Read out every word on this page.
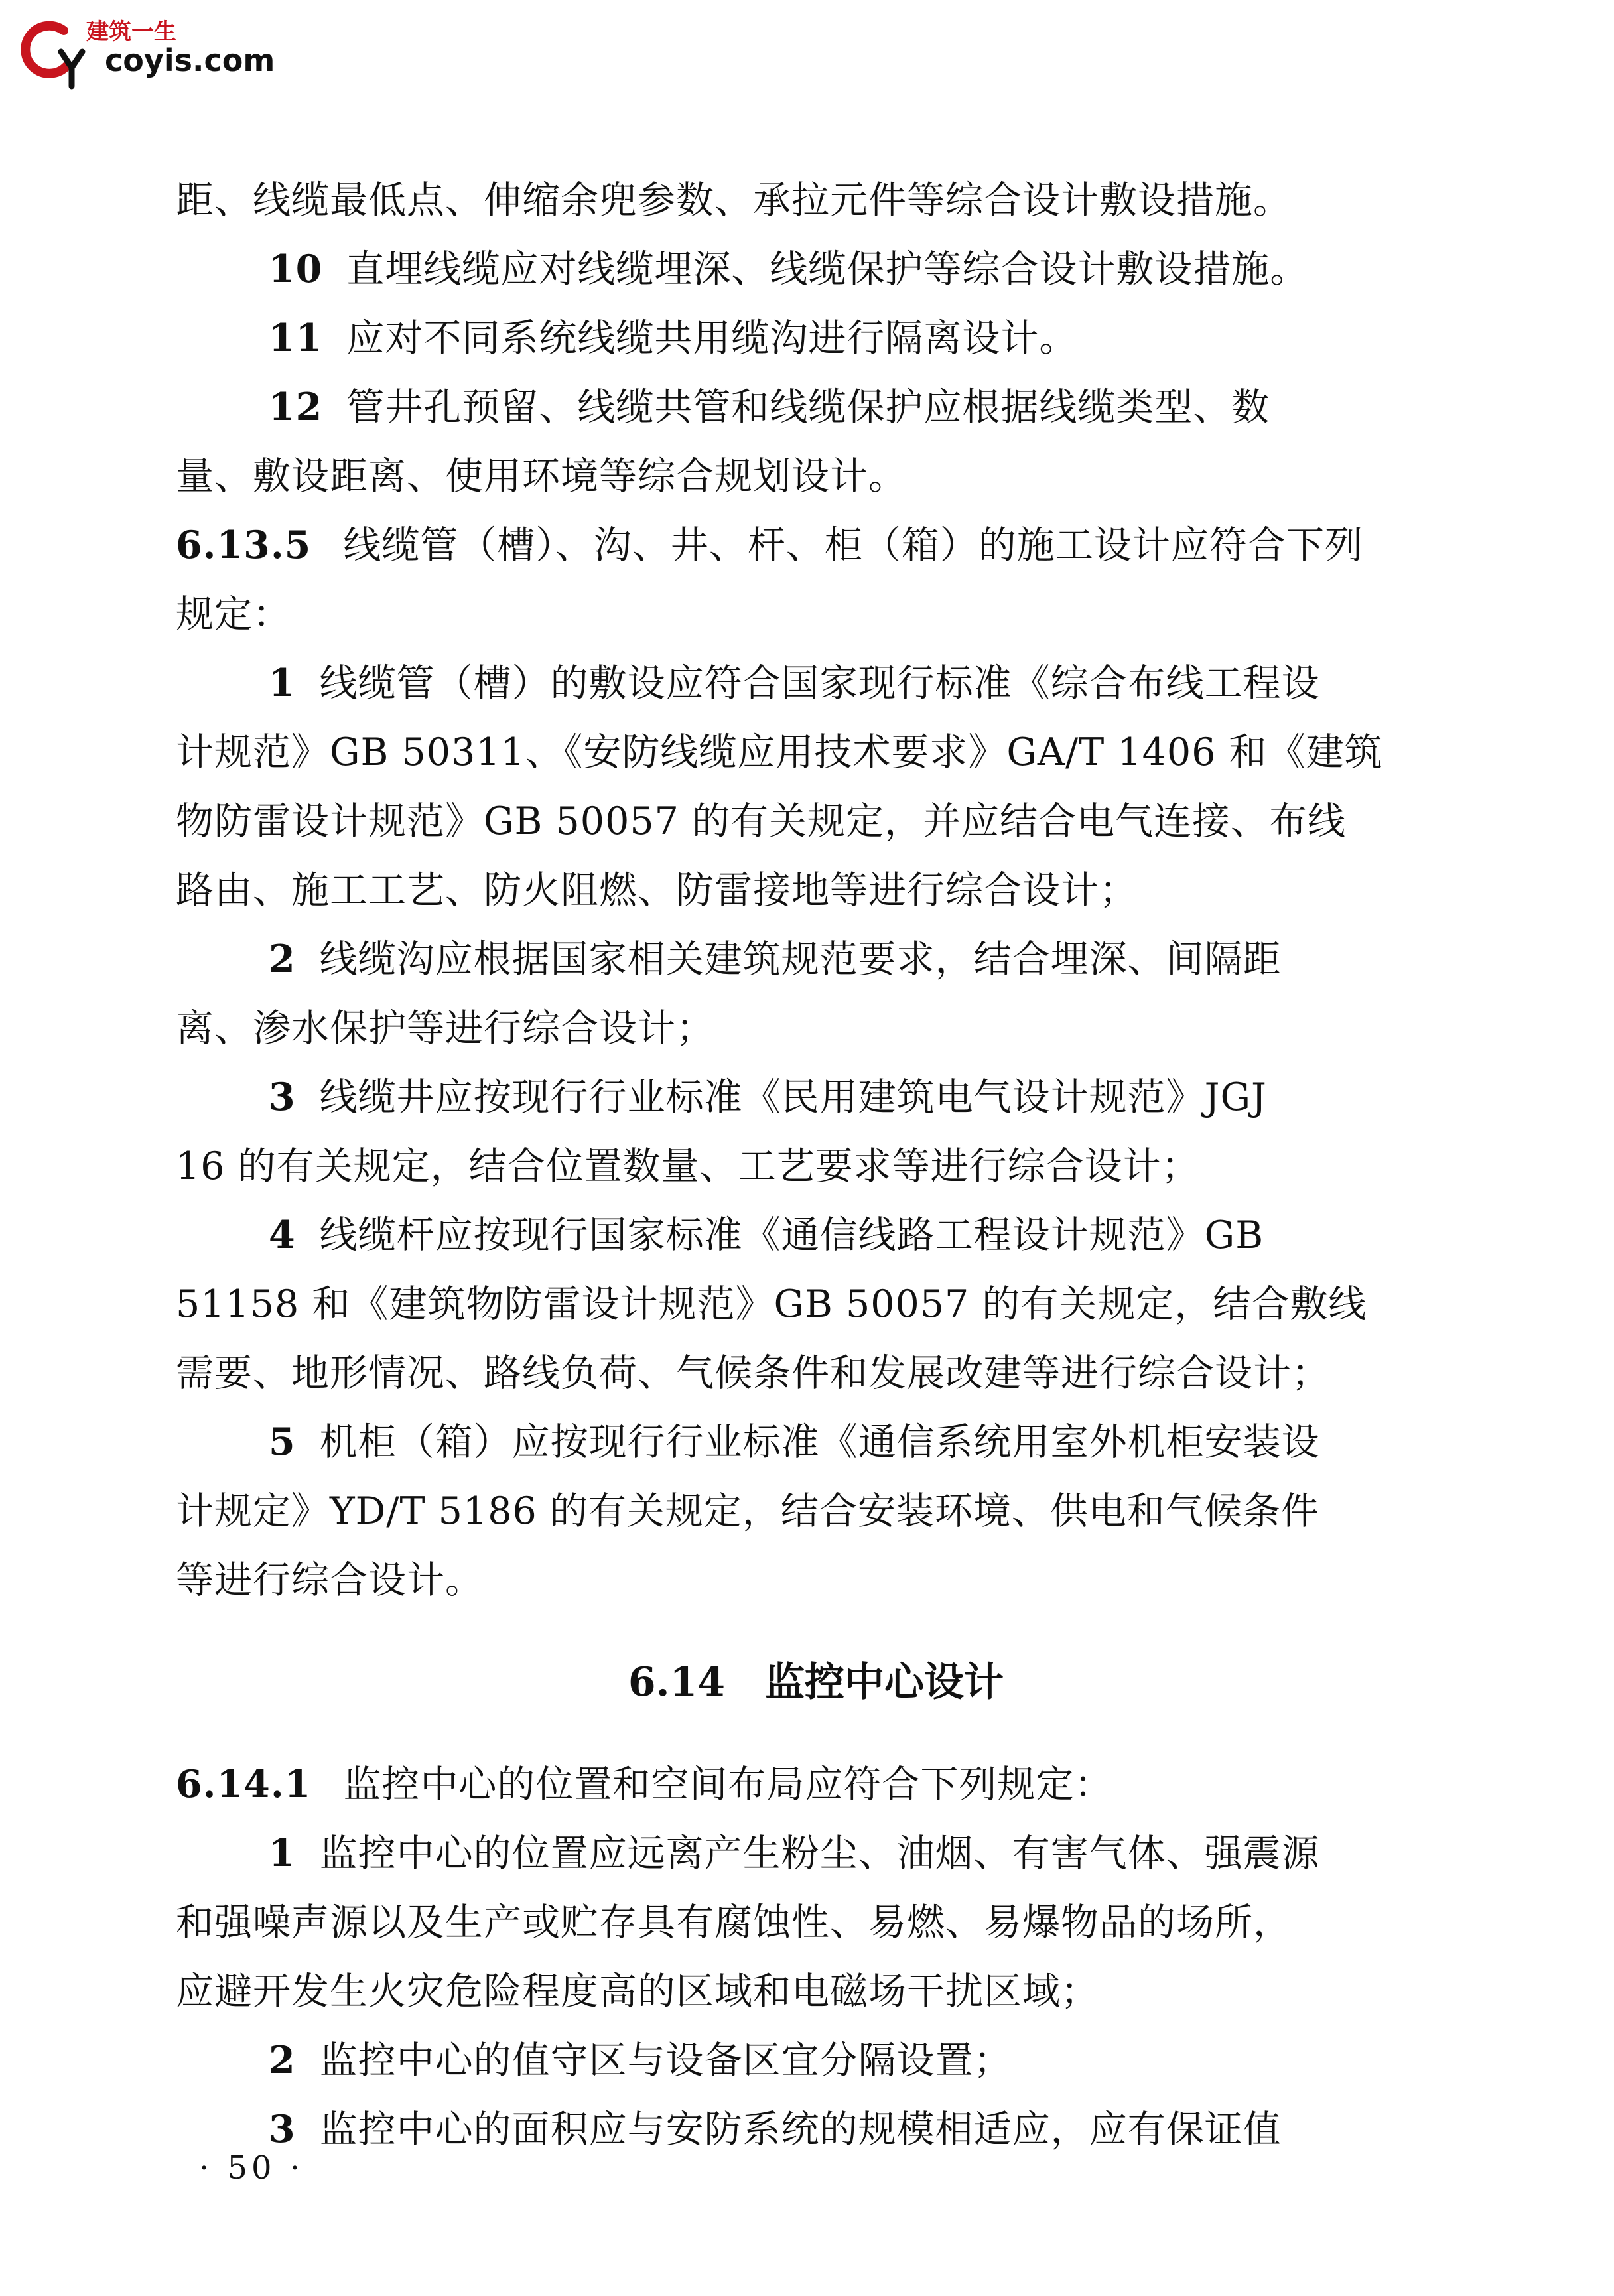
建筑一生
coyis.com
距、线缆最低点、伸缩余兜参数、承拉元件等综合设计敷设措施。
10 直埋线缆应对线缆埋深、线缆保护等综合设计敷设措施。
11 应对不同系统线缆共用缆沟进行隔离设计。
12 管井孔预留、线缆共管和线缆保护应根据线缆类型、数
量、敷设距离、使用环境等综合规划设计。
6.13.5 线缆管（槽）、沟、井、杆、柜（箱）的施工设计应符合下列
规定：
1 线缆管（槽）的敷设应符合国家现行标准《综合布线工程设
计规范》GB 50311、《安防线缆应用技术要求》GA/T 1406 和《建筑
物防雷设计规范》GB 50057 的有关规定，并应结合电气连接、布线
路由、施工工艺、防火阻燃、防雷接地等进行综合设计；
2 线缆沟应根据国家相关建筑规范要求，结合埋深、间隔距
离、渗水保护等进行综合设计；
3 线缆井应按现行行业标准《民用建筑电气设计规范》JGJ
16 的有关规定，结合位置数量、工艺要求等进行综合设计；
4 线缆杆应按现行国家标准《通信线路工程设计规范》GB
51158 和《建筑物防雷设计规范》GB 50057 的有关规定，结合敷线
需要、地形情况、路线负荷、气候条件和发展改建等进行综合设计；
5 机柜（箱）应按现行行业标准《通信系统用室外机柜安装设
计规定》YD/T 5186 的有关规定，结合安装环境、供电和气候条件
等进行综合设计。
6.14 监控中心设计
6.14.1 监控中心的位置和空间布局应符合下列规定：
1 监控中心的位置应远离产生粉尘、油烟、有害气体、强震源
和强噪声源以及生产或贮存具有腐蚀性、易燃、易爆物品的场所，
应避开发生火灾危险程度高的区域和电磁场干扰区域；
2 监控中心的值守区与设备区宜分隔设置；
3 监控中心的面积应与安防系统的规模相适应，应有保证值
· 50 ·
